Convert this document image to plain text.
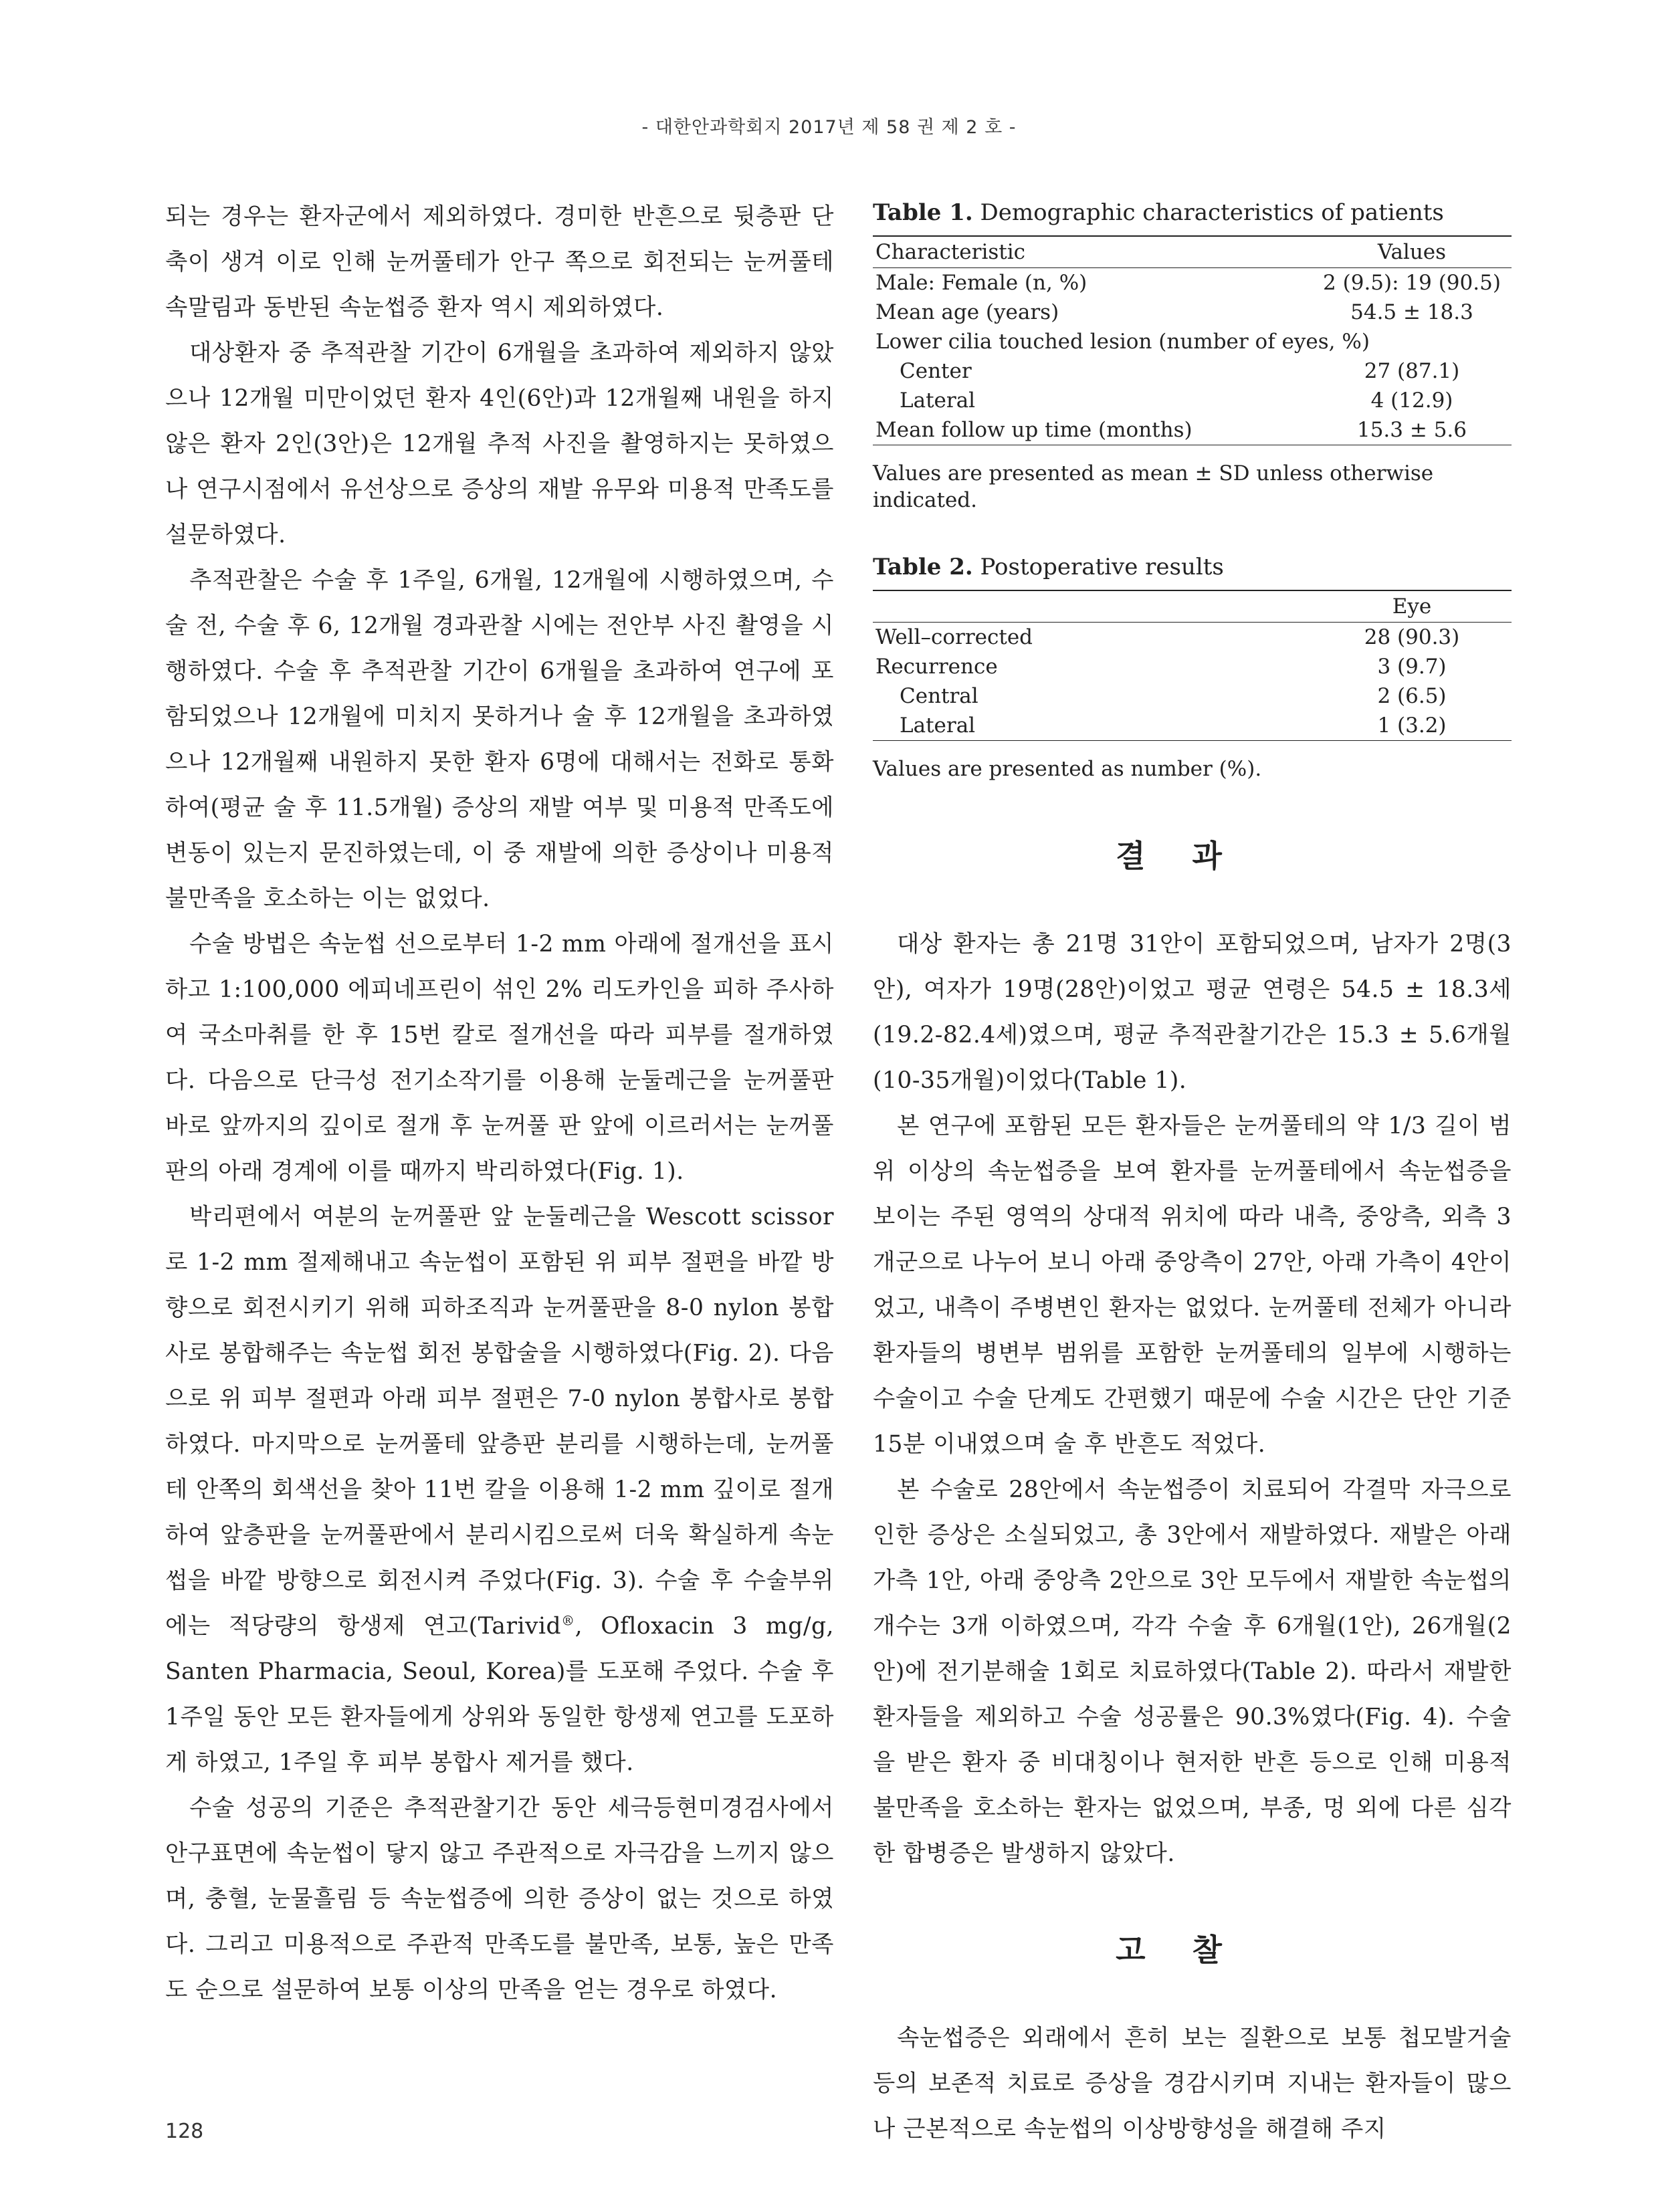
- 대한안과학회지 2017년 제 58 권 제 2 호 -

되는 경우는 환자군에서 제외하였다. 경미한 반흔으로 뒷층판 단축이 생겨 이로 인해 눈꺼풀테가 안구 쪽으로 회전되는 눈꺼풀테속말림과 동반된 속눈썹증 환자 역시 제외하였다.

대상환자 중 추적관찰 기간이 6개월을 초과하여 제외하지 않았으나 12개월 미만이었던 환자 4인(6안)과 12개월째 내원을 하지 않은 환자 2인(3안)은 12개월 추적 사진을 촬영하지는 못하였으나 연구시점에서 유선상으로 증상의 재발 유무와 미용적 만족도를 설문하였다.

추적관찰은 수술 후 1주일, 6개월, 12개월에 시행하였으며, 수술 전, 수술 후 6, 12개월 경과관찰 시에는 전안부 사진 촬영을 시행하였다. 수술 후 추적관찰 기간이 6개월을 초과하여 연구에 포함되었으나 12개월에 미치지 못하거나 술 후 12개월을 초과하였으나 12개월째 내원하지 못한 환자 6명에 대해서는 전화로 통화하여(평균 술 후 11.5개월) 증상의 재발 여부 및 미용적 만족도에 변동이 있는지 문진하였는데, 이 중 재발에 의한 증상이나 미용적 불만족을 호소하는 이는 없었다.

수술 방법은 속눈썹 선으로부터 1-2 mm 아래에 절개선을 표시하고 1:100,000 에피네프린이 섞인 2% 리도카인을 피하 주사하여 국소마취를 한 후 15번 칼로 절개선을 따라 피부를 절개하였다. 다음으로 단극성 전기소작기를 이용해 눈둘레근을 눈꺼풀판 바로 앞까지의 깊이로 절개 후 눈꺼풀 판 앞에 이르러서는 눈꺼풀 판의 아래 경계에 이를 때까지 박리하였다(Fig. 1).

박리편에서 여분의 눈꺼풀판 앞 눈둘레근을 Wescott scissor로 1-2 mm 절제해내고 속눈썹이 포함된 위 피부 절편을 바깥 방향으로 회전시키기 위해 피하조직과 눈꺼풀판을 8-0 nylon 봉합사로 봉합해주는 속눈썹 회전 봉합술을 시행하였다(Fig. 2). 다음으로 위 피부 절편과 아래 피부 절편은 7-0 nylon 봉합사로 봉합하였다. 마지막으로 눈꺼풀테 앞층판 분리를 시행하는데, 눈꺼풀테 안쪽의 회색선을 찾아 11번 칼을 이용해 1-2 mm 깊이로 절개하여 앞층판을 눈꺼풀판에서 분리시킴으로써 더욱 확실하게 속눈썹을 바깥 방향으로 회전시켜 주었다(Fig. 3). 수술 후 수술부위에는 적당량의 항생제 연고(Tarivid®, Ofloxacin 3 mg/g, Santen Pharmacia, Seoul, Korea)를 도포해 주었다. 수술 후 1주일 동안 모든 환자들에게 상위와 동일한 항생제 연고를 도포하게 하였고, 1주일 후 피부 봉합사 제거를 했다.

수술 성공의 기준은 추적관찰기간 동안 세극등현미경검사에서 안구표면에 속눈썹이 닿지 않고 주관적으로 자극감을 느끼지 않으며, 충혈, 눈물흘림 등 속눈썹증에 의한 증상이 없는 것으로 하였다. 그리고 미용적으로 주관적 만족도를 불만족, 보통, 높은 만족도 순으로 설문하여 보통 이상의 만족을 얻는 경우로 하였다.

Table 1. Demographic characteristics of patients
Characteristic	Values
Male: Female (n, %)	2 (9.5): 19 (90.5)
Mean age (years)	54.5 ± 18.3
Lower cilia touched lesion (number of eyes, %)	
Center	27 (87.1)
Lateral	4 (12.9)
Mean follow up time (months)	15.3 ± 5.6
Values are presented as mean ± SD unless otherwise indicated.
Table 2. Postoperative results
	Eye
Well–corrected	28 (90.3)
Recurrence	3 (9.7)
Central	2 (6.5)
Lateral	1 (3.2)
Values are presented as number (%).
결과

대상 환자는 총 21명 31안이 포함되었으며, 남자가 2명(3안), 여자가 19명(28안)이었고 평균 연령은 54.5 ± 18.3세(19.2-82.4세)였으며, 평균 추적관찰기간은 15.3 ± 5.6개월(10-35개월)이었다(Table 1).

본 연구에 포함된 모든 환자들은 눈꺼풀테의 약 1/3 길이 범위 이상의 속눈썹증을 보여 환자를 눈꺼풀테에서 속눈썹증을 보이는 주된 영역의 상대적 위치에 따라 내측, 중앙측, 외측 3개군으로 나누어 보니 아래 중앙측이 27안, 아래 가측이 4안이었고, 내측이 주병변인 환자는 없었다. 눈꺼풀테 전체가 아니라 환자들의 병변부 범위를 포함한 눈꺼풀테의 일부에 시행하는 수술이고 수술 단계도 간편했기 때문에 수술 시간은 단안 기준 15분 이내였으며 술 후 반흔도 적었다.

본 수술로 28안에서 속눈썹증이 치료되어 각결막 자극으로 인한 증상은 소실되었고, 총 3안에서 재발하였다. 재발은 아래 가측 1안, 아래 중앙측 2안으로 3안 모두에서 재발한 속눈썹의 개수는 3개 이하였으며, 각각 수술 후 6개월(1안), 26개월(2안)에 전기분해술 1회로 치료하였다(Table 2). 따라서 재발한 환자들을 제외하고 수술 성공률은 90.3%였다(Fig. 4). 수술을 받은 환자 중 비대칭이나 현저한 반흔 등으로 인해 미용적 불만족을 호소하는 환자는 없었으며, 부종, 멍 외에 다른 심각한 합병증은 발생하지 않았다.

고찰

속눈썹증은 외래에서 흔히 보는 질환으로 보통 첩모발거술 등의 보존적 치료로 증상을 경감시키며 지내는 환자들이 많으나 근본적으로 속눈썹의 이상방향성을 해결해 주지

128
